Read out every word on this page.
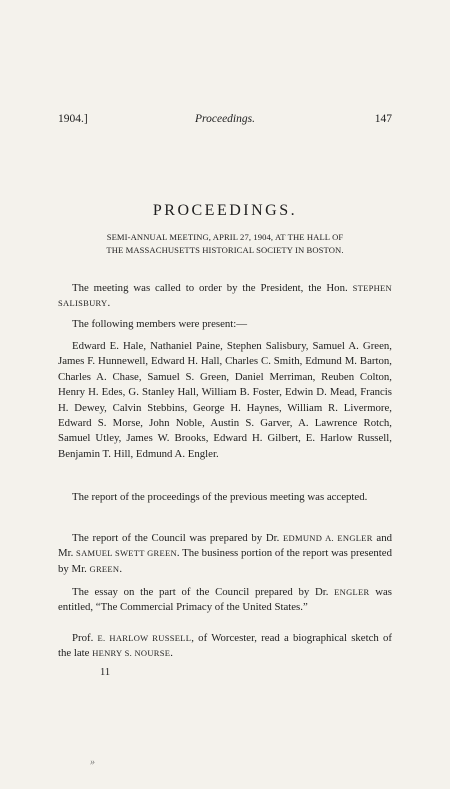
1904.]	Proceedings.	147
PROCEEDINGS.
SEMI-ANNUAL MEETING, APRIL 27, 1904, AT THE HALL OF
THE MASSACHUSETTS HISTORICAL SOCIETY IN BOSTON.

The meeting was called to order by the President, the Hon. STEPHEN SALISBURY.

The following members were present:—

Edward E. Hale, Nathaniel Paine, Stephen Salisbury, Samuel A. Green, James F. Hunnewell, Edward H. Hall, Charles C. Smith, Edmund M. Barton, Charles A. Chase, Samuel S. Green, Daniel Merriman, Reuben Colton, Henry H. Edes, G. Stanley Hall, William B. Foster, Edwin D. Mead, Francis H. Dewey, Calvin Stebbins, George H. Haynes, William R. Livermore, Edward S. Morse, John Noble, Austin S. Garver, A. Lawrence Rotch, Samuel Utley, James W. Brooks, Edward H. Gilbert, E. Harlow Russell, Benjamin T. Hill, Edmund A. Engler.

The report of the proceedings of the previous meeting was accepted.

The report of the Council was prepared by Dr. EDMUND A. ENGLER and Mr. SAMUEL SWETT GREEN. The business portion of the report was presented by Mr. GREEN.

The essay on the part of the Council prepared by Dr. ENGLER was entitled, “The Commercial Primacy of the United States.”

Prof. E. HARLOW RUSSELL, of Worcester, read a biographical sketch of the late HENRY S. NOURSE.

11
»
